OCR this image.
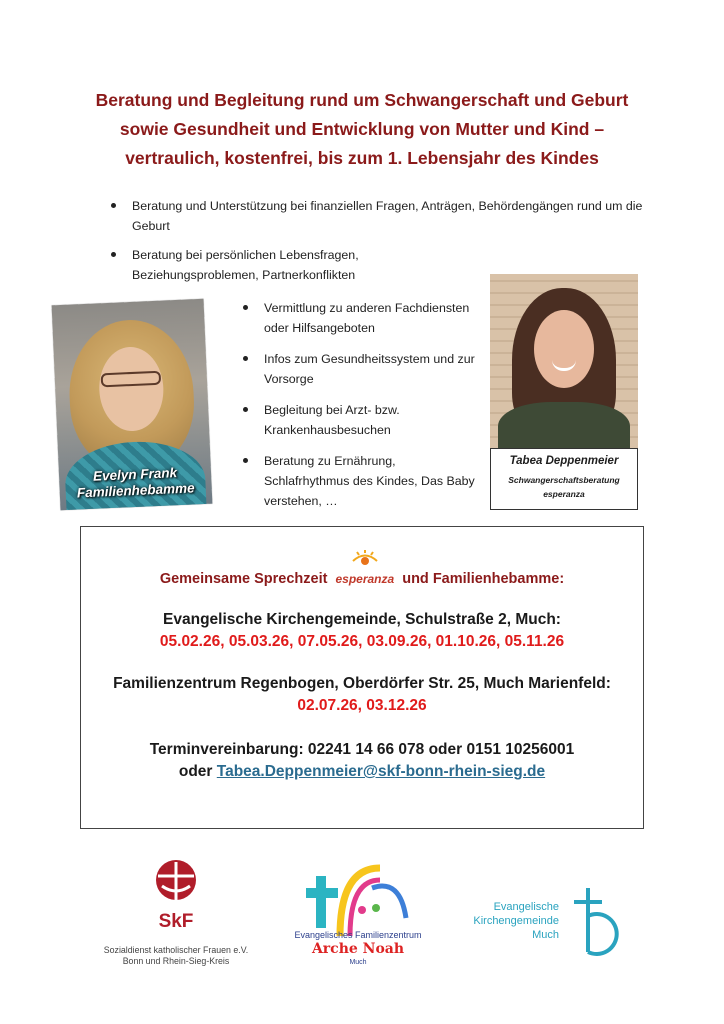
Beratung und Begleitung rund um Schwangerschaft und Geburt
sowie Gesundheit und Entwicklung von Mutter und Kind –
vertraulich, kostenfrei, bis zum 1. Lebensjahr des Kindes
Beratung und Unterstützung bei finanziellen Fragen, Anträgen, Behördengängen rund um die Geburt
Beratung bei persönlichen Lebensfragen, Beziehungsproblemen, Partnerkonflikten
Evelyn Frank
Familienhebamme
Vermittlung zu anderen Fachdiensten oder Hilfsangeboten
Infos zum Gesundheitssystem und zur Vorsorge
Begleitung bei Arzt- bzw. Krankenhausbesuchen
Beratung zu Ernährung, Schlafrhythmus des Kindes, Das Baby verstehen, …
Tabea Deppenmeier
Schwangerschaftsberatung
esperanza
Gemeinsame Sprechzeit esperanza und Familienhebamme:
Evangelische Kirchengemeinde, Schulstraße 2, Much:
05.02.26, 05.03.26, 07.05.26, 03.09.26, 01.10.26, 05.11.26
Familienzentrum Regenbogen, Oberdörfer Str. 25, Much Marienfeld:
02.07.26, 03.12.26
Terminvereinbarung: 02241 14 66 078 oder 0151 10256001
oder Tabea.Deppenmeier@skf-bonn-rhein-sieg.de
SkF
Sozialdienst katholischer Frauen e.V.
Bonn und Rhein-Sieg-Kreis
Evangelisches Familienzentrum
Arche Noah
Much
Evangelische
Kirchengemeinde
Much
